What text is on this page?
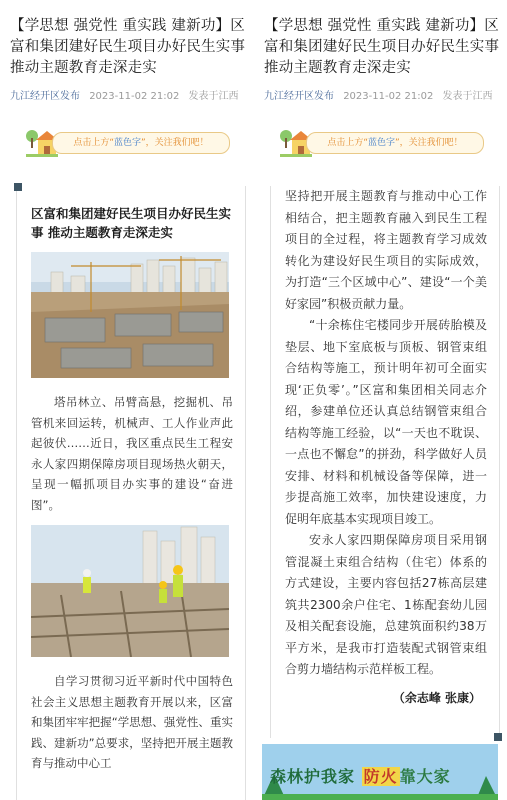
【学思想 强党性 重实践 建新功】区富和集团建好民生项目办好民生实事 推动主题教育走深走实
九江经开区发布 2023-11-02 21:02 发表于江西
点击上方“蓝色字”，关注我们吧！
区富和集团建好民生项目办好民生实事 推动主题教育走深走实
塔吊林立、吊臂高悬，挖掘机、吊管机来回运转，机械声、工人作业声此起彼伏……近日，我区重点民生工程安永人家四期保障房项目现场热火朝天，呈现一幅抓项目办实事的建设“奋进图”。
自学习贯彻习近平新时代中国特色社会主义思想主题教育开展以来，区富和集团牢牢把握“学思想、强党性、重实践、建新功”总要求，坚持把开展主题教育与推动中心工
【学思想 强党性 重实践 建新功】区富和集团建好民生项目办好民生实事 推动主题教育走深走实
九江经开区发布 2023-11-02 21:02 发表于江西
点击上方“蓝色字”，关注我们吧！
坚持把开展主题教育与推动中心工作相结合，把主题教育融入到民生工程项目的全过程，将主题教育学习成效转化为建设好民生项目的实际成效，为打造“三个区域中心”、建设“一个美好家园”积极贡献力量。
“十余栋住宅楼同步开展砖胎模及垫层、地下室底板与顶板、钢管束组合结构等施工，预计明年初可全面实现‘正负零’。”区富和集团相关同志介绍，参建单位还认真总结钢管束组合结构等施工经验，以“一天也不耽误、一点也不懈怠”的拼劲，科学做好人员安排、材料和机械设备等保障，进一步提高施工效率，加快建设速度，力促明年底基本实现项目竣工。
安永人家四期保障房项目采用钢管混凝土束组合结构（住宅）体系的方式建设，主要内容包括27栋高层建筑共2300余户住宅、1栋配套幼儿园及相关配套设施，总建筑面积约38万平方米，是我市打造装配式钢管束组合剪力墙结构示范样板工程。
（余志峰 张康）
森林护我家 防火 靠大家
